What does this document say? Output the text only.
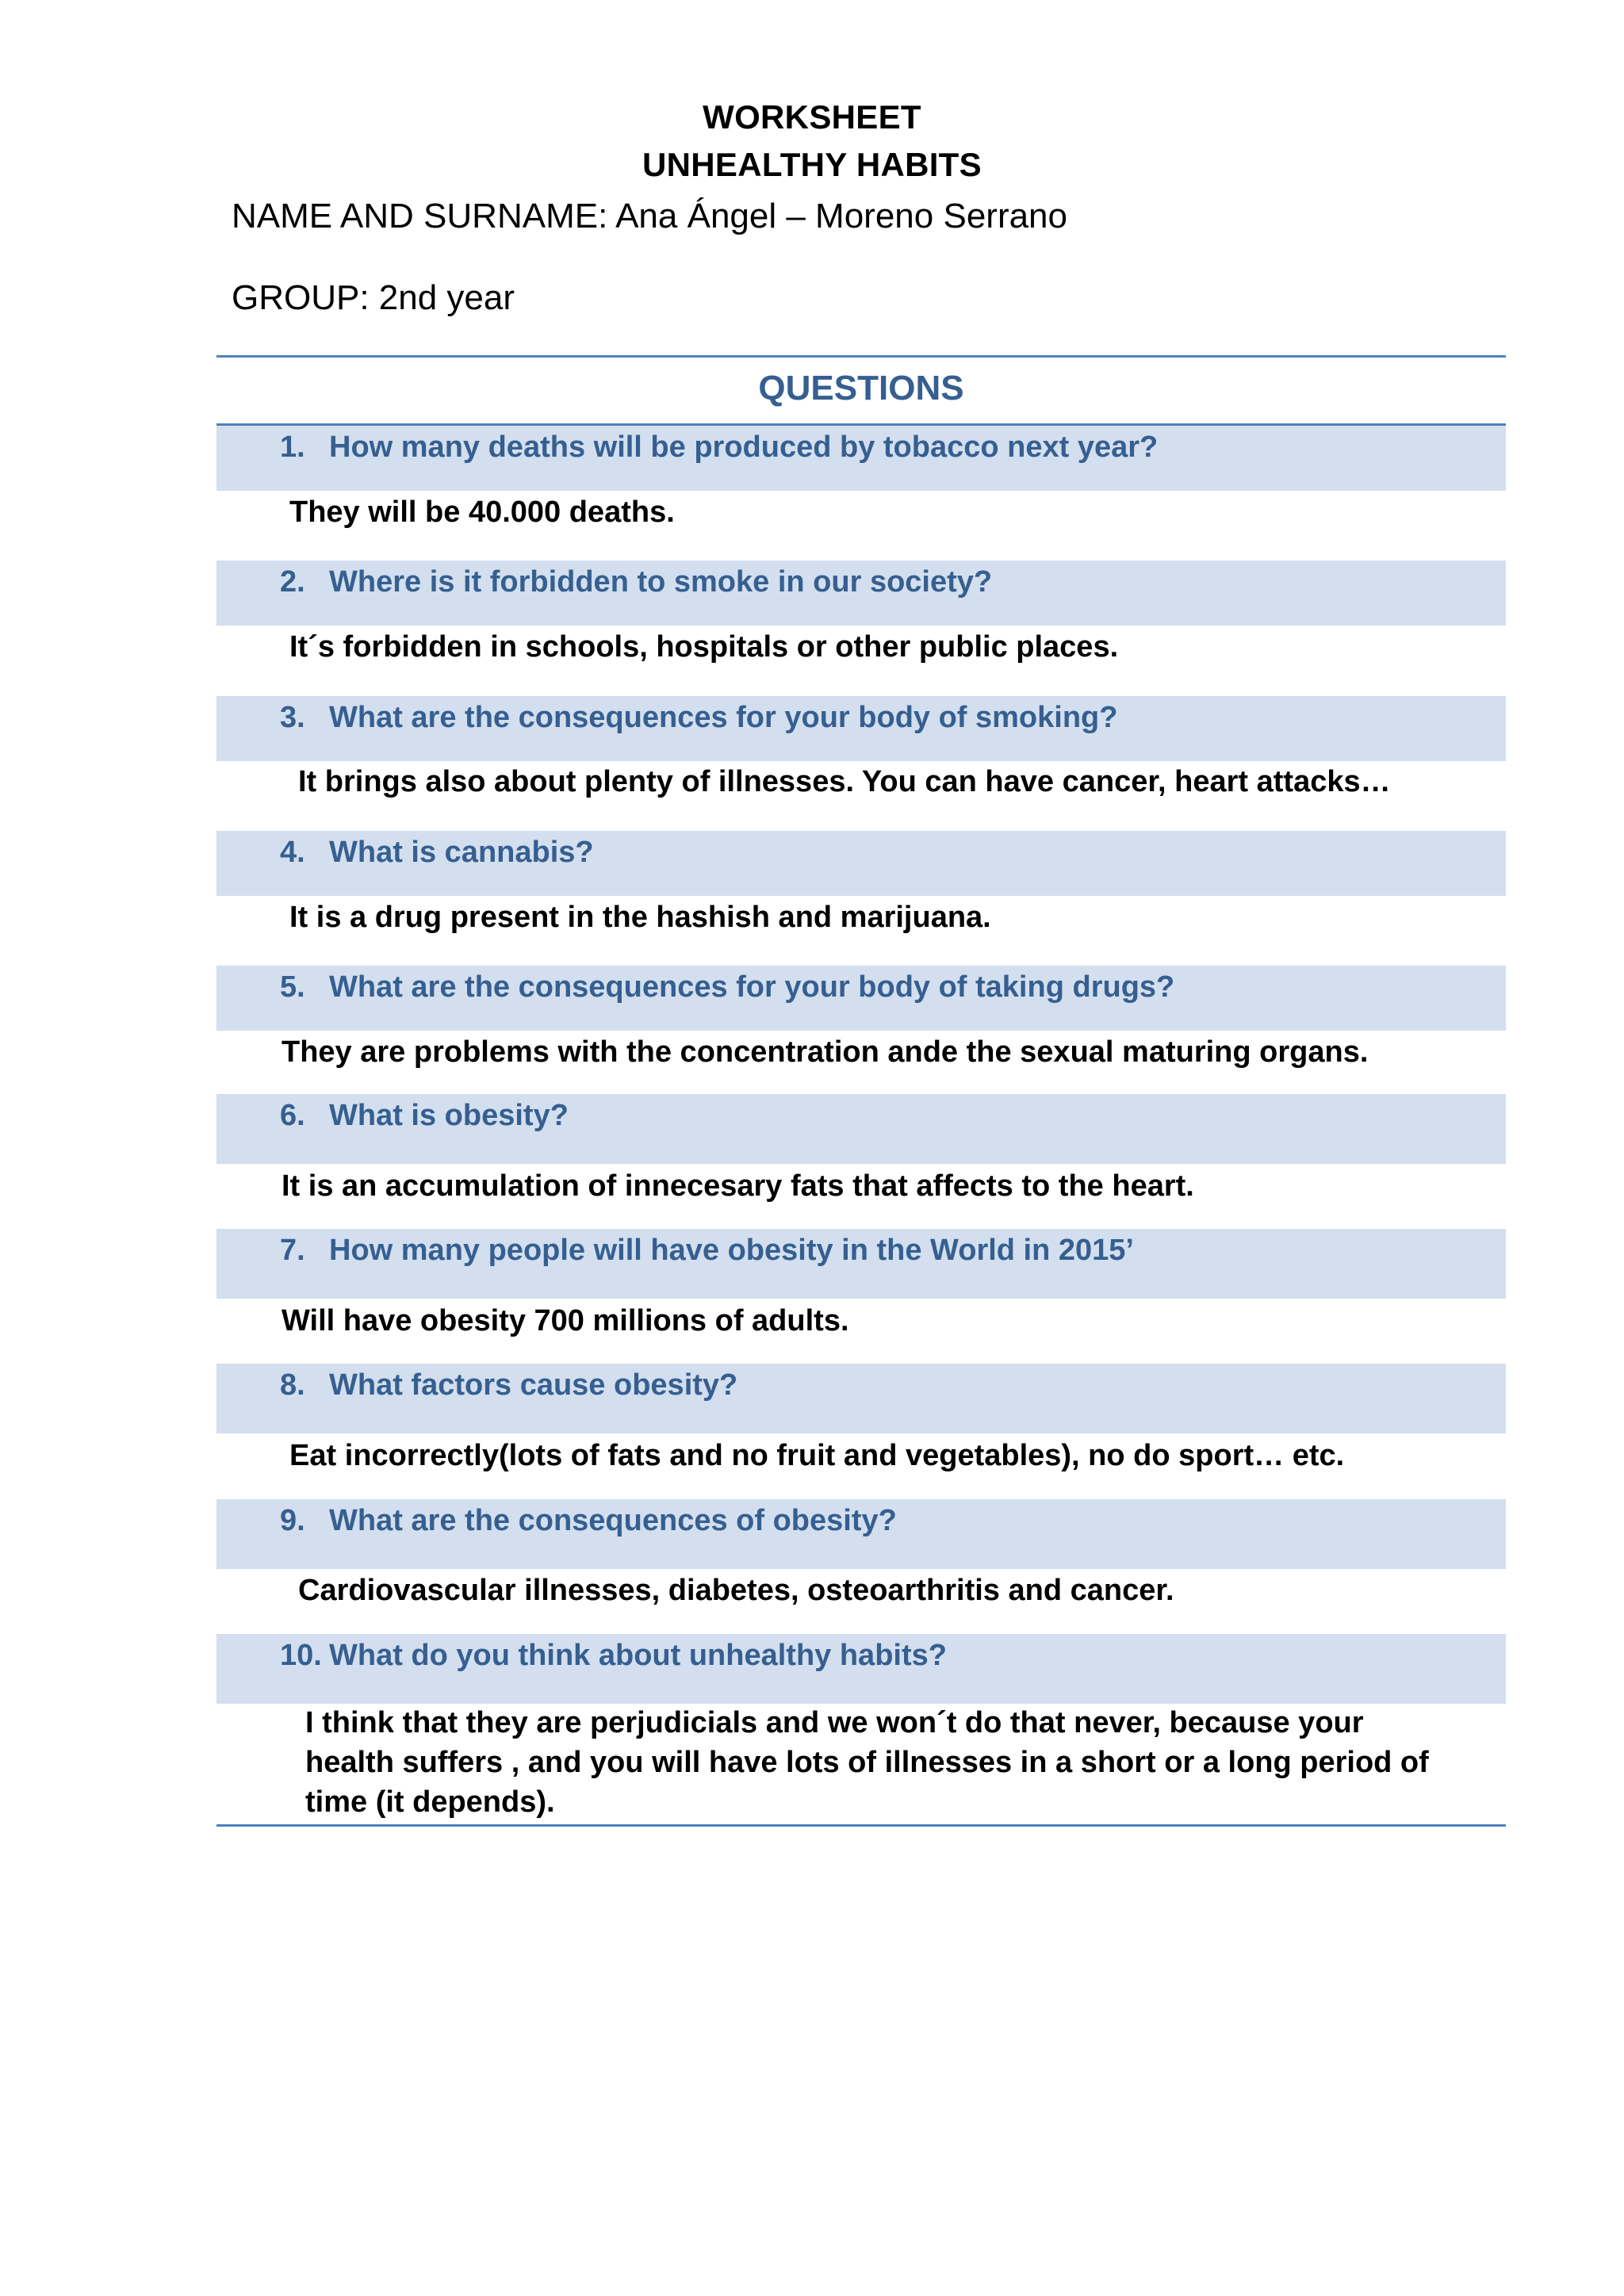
WORKSHEET
UNHEALTHY HABITS
NAME AND SURNAME: Ana Ángel – Moreno Serrano
GROUP: 2nd year
QUESTIONS
1. How many deaths will be produced by tobacco next year?
They will be 40.000 deaths.
2. Where is it forbidden to smoke in our society?
It´s forbidden in schools, hospitals or other public places.
3. What are the consequences for your body of smoking?
It brings also about plenty of illnesses. You can have cancer, heart attacks…
4. What is cannabis?
It is a drug present in the hashish and marijuana.
5. What are the consequences for your body of taking drugs?
They are problems with the concentration ande the sexual maturing organs.
6. What is obesity?
It is an accumulation of innecesary fats that affects to the heart.
7. How many people will have obesity in the World in 2015’
Will have obesity 700 millions of adults.
8. What factors cause obesity?
Eat incorrectly(lots of fats and no fruit and vegetables), no do sport… etc.
9. What are the consequences of obesity?
Cardiovascular illnesses, diabetes, osteoarthritis and cancer.
10. What do you think about unhealthy habits?
I think that they are perjudicials and we won´t do that never, because your health suffers , and you will have lots of illnesses in a short or a long period of time (it depends).
